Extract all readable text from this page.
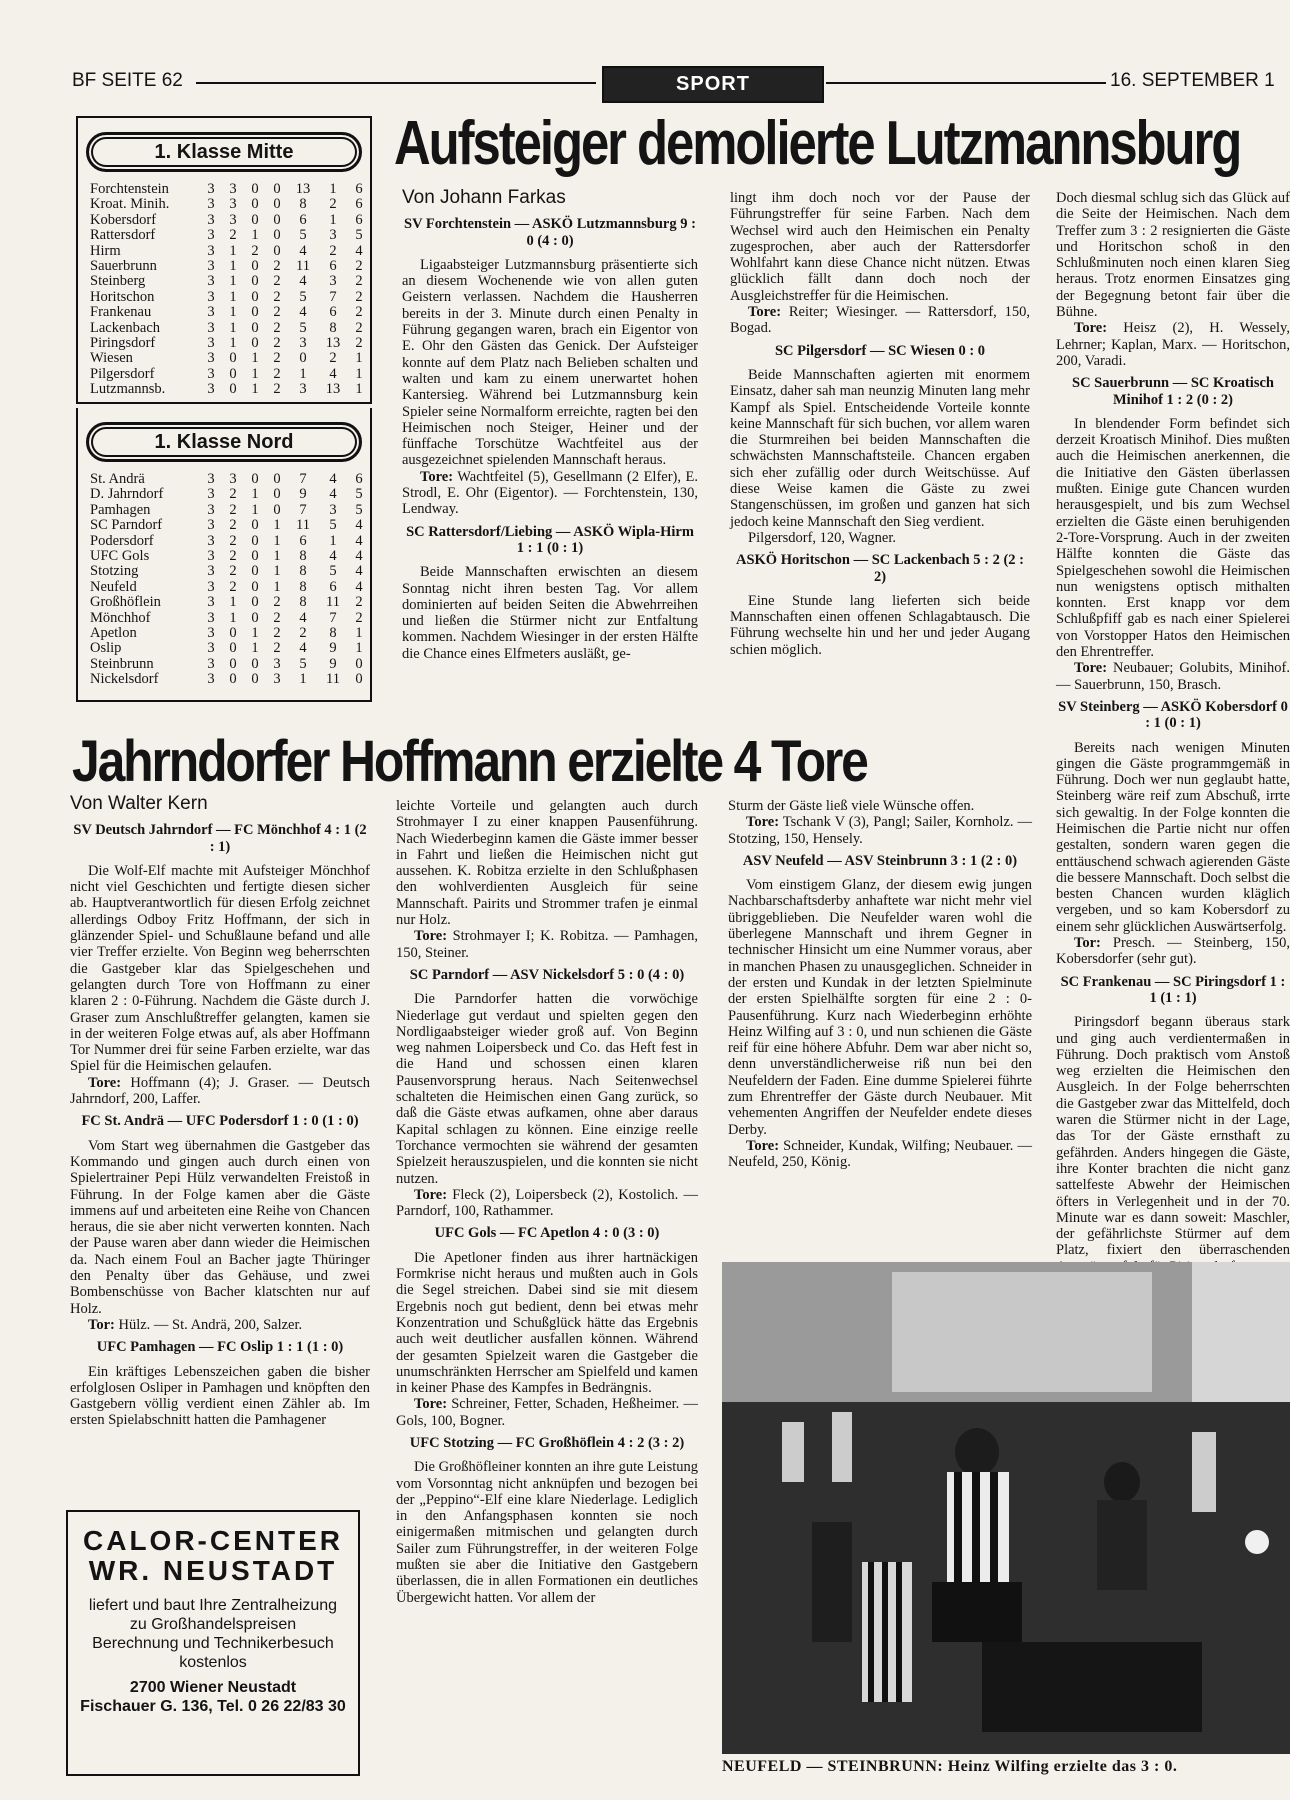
BF SEITE 62	SPORT	16. SEPTEMBER 1
1. Klasse Mitte
Forchtenstein	3	3	0	0	13	1	6
Kroat. Minih.	3	3	0	0	8	2	6
Kobersdorf	3	3	0	0	6	1	6
Rattersdorf	3	2	1	0	5	3	5
Hirm	3	1	2	0	4	2	4
Sauerbrunn	3	1	0	2	11	6	2
Steinberg	3	1	0	2	4	3	2
Horitschon	3	1	0	2	5	7	2
Frankenau	3	1	0	2	4	6	2
Lackenbach	3	1	0	2	5	8	2
Piringsdorf	3	1	0	2	3	13	2
Wiesen	3	0	1	2	0	2	1
Pilgersdorf	3	0	1	2	1	4	1
Lutzmannsb.	3	0	1	2	3	13	1
1. Klasse Nord
St. Andrä	3	3	0	0	7	4	6
D. Jahrndorf	3	2	1	0	9	4	5
Pamhagen	3	2	1	0	7	3	5
SC Parndorf	3	2	0	1	11	5	4
Podersdorf	3	2	0	1	6	1	4
UFC Gols	3	2	0	1	8	4	4
Stotzing	3	2	0	1	8	5	4
Neufeld	3	2	0	1	8	6	4
Großhöflein	3	1	0	2	8	11	2
Mönchhof	3	1	0	2	4	7	2
Apetlon	3	0	1	2	2	8	1
Oslip	3	0	1	2	4	9	1
Steinbrunn	3	0	0	3	5	9	0
Nickelsdorf	3	0	0	3	1	11	0
Aufsteiger demolierte Lutzmannsburg

Von Johann Farkas

SV Forchtenstein — ASKÖ Lutzmannsburg 9 : 0 (4 : 0)

Ligaabsteiger Lutzmannsburg präsentierte sich an diesem Wochenende wie von allen guten Geistern verlassen. Nachdem die Hausherren bereits in der 3. Minute durch einen Penalty in Führung gegangen waren, brach ein Eigentor von E. Ohr den Gästen das Genick. Der Aufsteiger konnte auf dem Platz nach Belieben schalten und walten und kam zu einem unerwartet hohen Kantersieg. Während bei Lutzmannsburg kein Spieler seine Normalform erreichte, ragten bei den Heimischen noch Steiger, Heiner und der fünffache Torschütze Wachtfeitel aus der ausgezeichnet spielenden Mannschaft heraus.

Tore: Wachtfeitel (5), Gesellmann (2 Elfer), E. Strodl, E. Ohr (Eigentor). — Forchtenstein, 130, Lendway.

SC Rattersdorf/Liebing — ASKÖ Wipla-Hirm 1 : 1 (0 : 1)

Beide Mannschaften erwischten an diesem Sonntag nicht ihren besten Tag. Vor allem dominierten auf beiden Seiten die Abwehrreihen und ließen die Stürmer nicht zur Entfaltung kommen. Nachdem Wiesinger in der ersten Hälfte die Chance eines Elfmeters ausläßt, ge-

lingt ihm doch noch vor der Pause der Führungstreffer für seine Farben. Nach dem Wechsel wird auch den Heimischen ein Penalty zugesprochen, aber auch der Rattersdorfer Wohlfahrt kann diese Chance nicht nützen. Etwas glücklich fällt dann doch noch der Ausgleichstreffer für die Heimischen.

Tore: Reiter; Wiesinger. — Rattersdorf, 150, Bogad.

SC Pilgersdorf — SC Wiesen 0 : 0

Beide Mannschaften agierten mit enormem Einsatz, daher sah man neunzig Minuten lang mehr Kampf als Spiel. Entscheidende Vorteile konnte keine Mannschaft für sich buchen, vor allem waren die Sturmreihen bei beiden Mannschaften die schwächsten Mannschaftsteile. Chancen ergaben sich eher zufällig oder durch Weitschüsse. Auf diese Weise kamen die Gäste zu zwei Stangenschüssen, im großen und ganzen hat sich jedoch keine Mannschaft den Sieg verdient.

Pilgersdorf, 120, Wagner.

ASKÖ Horitschon — SC Lackenbach 5 : 2 (2 : 2)

Eine Stunde lang lieferten sich beide Mannschaften einen offenen Schlagabtausch. Die Führung wechselte hin und her und jeder Augang schien möglich.

Doch diesmal schlug sich das Glück auf die Seite der Heimischen. Nach dem Treffer zum 3 : 2 resignierten die Gäste und Horitschon schoß in den Schlußminuten noch einen klaren Sieg heraus. Trotz enormen Einsatzes ging der Begegnung betont fair über die Bühne.

Tore: Heisz (2), H. Wessely, Lehrner; Kaplan, Marx. — Horitschon, 200, Varadi.

SC Sauerbrunn — SC Kroatisch Minihof 1 : 2 (0 : 2)

In blendender Form befindet sich derzeit Kroatisch Minihof. Dies mußten auch die Heimischen anerkennen, die die Initiative den Gästen überlassen mußten. Einige gute Chancen wurden herausgespielt, und bis zum Wechsel erzielten die Gäste einen beruhigenden 2-Tore-Vorsprung. Auch in der zweiten Hälfte konnten die Gäste das Spielgeschehen sowohl die Heimischen nun wenigstens optisch mithalten konnten. Erst knapp vor dem Schlußpfiff gab es nach einer Spielerei von Vorstopper Hatos den Heimischen den Ehrentreffer.

Tore: Neubauer; Golubits, Minihof. — Sauerbrunn, 150, Brasch.

SV Steinberg — ASKÖ Kobersdorf 0 : 1 (0 : 1)

Bereits nach wenigen Minuten gingen die Gäste programmgemäß in Führung. Doch wer nun geglaubt hatte, Steinberg wäre reif zum Abschuß, irrte sich gewaltig. In der Folge konnten die Heimischen die Partie nicht nur offen gestalten, sondern waren gegen die enttäuschend schwach agierenden Gäste die bessere Mannschaft. Doch selbst die besten Chancen wurden kläglich vergeben, und so kam Kobersdorf zu einem sehr glücklichen Auswärtserfolg.

Tor: Presch. — Steinberg, 150, Kobersdorfer (sehr gut).

SC Frankenau — SC Piringsdorf 1 : 1 (1 : 1)

Piringsdorf begann überaus stark und ging auch verdientermaßen in Führung. Doch praktisch vom Anstoß weg erzielten die Heimischen den Ausgleich. In der Folge beherrschten die Gastgeber zwar das Mittelfeld, doch waren die Stürmer nicht in der Lage, das Tor der Gäste ernsthaft zu gefährden. Anders hingegen die Gäste, ihre Konter brachten die nicht ganz sattelfeste Abwehr der Heimischen öfters in Verlegenheit und in der 70. Minute war es dann soweit: Maschler, der gefährlichste Stürmer auf dem Platz, fixiert den überraschenden

Jahrndorfer Hoffmann erzielte 4 Tore

Von Walter Kern

SV Deutsch Jahrndorf — FC Mönchhof 4 : 1 (2 : 1)

Die Wolf-Elf machte mit Aufsteiger Mönchhof nicht viel Geschichten und fertigte diesen sicher ab. Hauptverantwortlich für diesen Erfolg zeichnet allerdings Odboy Fritz Hoffmann, der sich in glänzender Spiel- und Schußlaune befand und alle vier Treffer erzielte. Von Beginn weg beherrschten die Gastgeber klar das Spielgeschehen und gelangten durch Tore von Hoffmann zu einer klaren 2 : 0-Führung. Nachdem die Gäste durch J. Graser zum Anschlußtreffer gelangten, kamen sie in der weiteren Folge etwas auf, als aber Hoffmann Tor Nummer drei für seine Farben erzielte, war das Spiel für die Heimischen gelaufen.

Tore: Hoffmann (4); J. Graser. — Deutsch Jahrndorf, 200, Laffer.

FC St. Andrä — UFC Podersdorf 1 : 0 (1 : 0)

Vom Start weg übernahmen die Gastgeber das Kommando und gingen auch durch einen von Spielertrainer Pepi Hülz verwandelten Freistoß in Führung. In der Folge kamen aber die Gäste immens auf und arbeiteten eine Reihe von Chancen heraus, die sie aber nicht verwerten konnten. Nach der Pause waren aber dann wieder die Heimischen da. Nach einem Foul an Bacher jagte Thüringer den Penalty über das Gehäuse, und zwei Bombenschüsse von Bacher klatschten nur auf Holz.

Tor: Hülz. — St. Andrä, 200, Salzer.

UFC Pamhagen — FC Oslip 1 : 1 (1 : 0)

Ein kräftiges Lebenszeichen gaben die bisher erfolglosen Osliper in Pamhagen und knöpften den Gastgebern völlig verdient einen Zähler ab. Im ersten Spielabschnitt hatten die Pamhagener

leichte Vorteile und gelangten auch durch Strohmayer I zu einer knappen Pausenführung. Nach Wiederbeginn kamen die Gäste immer besser in Fahrt und ließen die Heimischen nicht gut aussehen. K. Robitza erzielte in den Schlußphasen den wohlverdienten Ausgleich für seine Mannschaft. Pairits und Strommer trafen je einmal nur Holz.

Tore: Strohmayer I; K. Robitza. — Pamhagen, 150, Steiner.

SC Parndorf — ASV Nickelsdorf 5 : 0 (4 : 0)

Die Parndorfer hatten die vorwöchige Niederlage gut verdaut und spielten gegen den Nordligaabsteiger wieder groß auf. Von Beginn weg nahmen Loipersbeck und Co. das Heft fest in die Hand und schossen einen klaren Pausenvorsprung heraus. Nach Seitenwechsel schalteten die Heimischen einen Gang zurück, so daß die Gäste etwas aufkamen, ohne aber daraus Kapital schlagen zu können. Eine einzige reelle Torchance vermochten sie während der gesamten Spielzeit herauszuspielen, und die konnten sie nicht nutzen.

Tore: Fleck (2), Loipersbeck (2), Kostolich. — Parndorf, 100, Rathammer.

UFC Gols — FC Apetlon 4 : 0 (3 : 0)

Die Apetloner finden aus ihrer hartnäckigen Formkrise nicht heraus und mußten auch in Gols die Segel streichen. Dabei sind sie mit diesem Ergebnis noch gut bedient, denn bei etwas mehr Konzentration und Schußglück hätte das Ergebnis auch weit deutlicher ausfallen können. Während der gesamten Spielzeit waren die Gastgeber die unumschränkten Herrscher am Spielfeld und kamen in keiner Phase des Kampfes in Bedrängnis.

Tore: Schreiner, Fetter, Schaden, Heßheimer. — Gols, 100, Bogner.

UFC Stotzing — FC Großhöflein 4 : 2 (3 : 2)

Die Großhöfleiner konnten an ihre gute Leistung vom Vorsonntag nicht anknüpfen und bezogen bei der „Peppino“-Elf eine klare Niederlage. Lediglich in den Anfangsphasen konnten sie noch einigermaßen mitmischen und gelangten durch Sailer zum Führungstreffer, in der weiteren Folge mußten sie aber die Initiative den Gastgebern überlassen, die in allen Formationen ein deutliches Übergewicht hatten. Vor allem der

Sturm der Gäste ließ viele Wünsche offen.

Tore: Tschank V (3), Pangl; Sailer, Kornholz. — Stotzing, 150, Hensely.

ASV Neufeld — ASV Steinbrunn 3 : 1 (2 : 0)

Vom einstigem Glanz, der diesem ewig jungen Nachbarschaftsderby anhaftete war nicht mehr viel übriggeblieben. Die Neufelder waren wohl die überlegene Mannschaft und ihrem Gegner in technischer Hinsicht um eine Nummer voraus, aber in manchen Phasen zu unausgeglichen. Schneider in der ersten und Kundak in der letzten Spielminute der ersten Spielhälfte sorgten für eine 2 : 0-Pausenführung. Kurz nach Wiederbeginn erhöhte Heinz Wilfing auf 3 : 0, und nun schienen die Gäste reif für eine höhere Abfuhr. Dem war aber nicht so, denn unverständlicherweise riß nun bei den Neufeldern der Faden. Eine dumme Spielerei führte zum Ehrentreffer der Gäste durch Neubauer. Mit vehementen Angriffen der Neufelder endete dieses Derby.

Tore: Schneider, Kundak, Wilfing; Neubauer. — Neufeld, 250, König.

CALOR-CENTER
WR. NEUSTADT
liefert und baut Ihre Zentralheizung
zu Großhandelspreisen
Berechnung und Technikerbesuch
kostenlos
2700 Wiener Neustadt
Fischauer G. 136, Tel. 0 26 22/83 30
NEUFELD — STEINBRUNN: Heinz Wilfing erzielte das 3 : 0.
